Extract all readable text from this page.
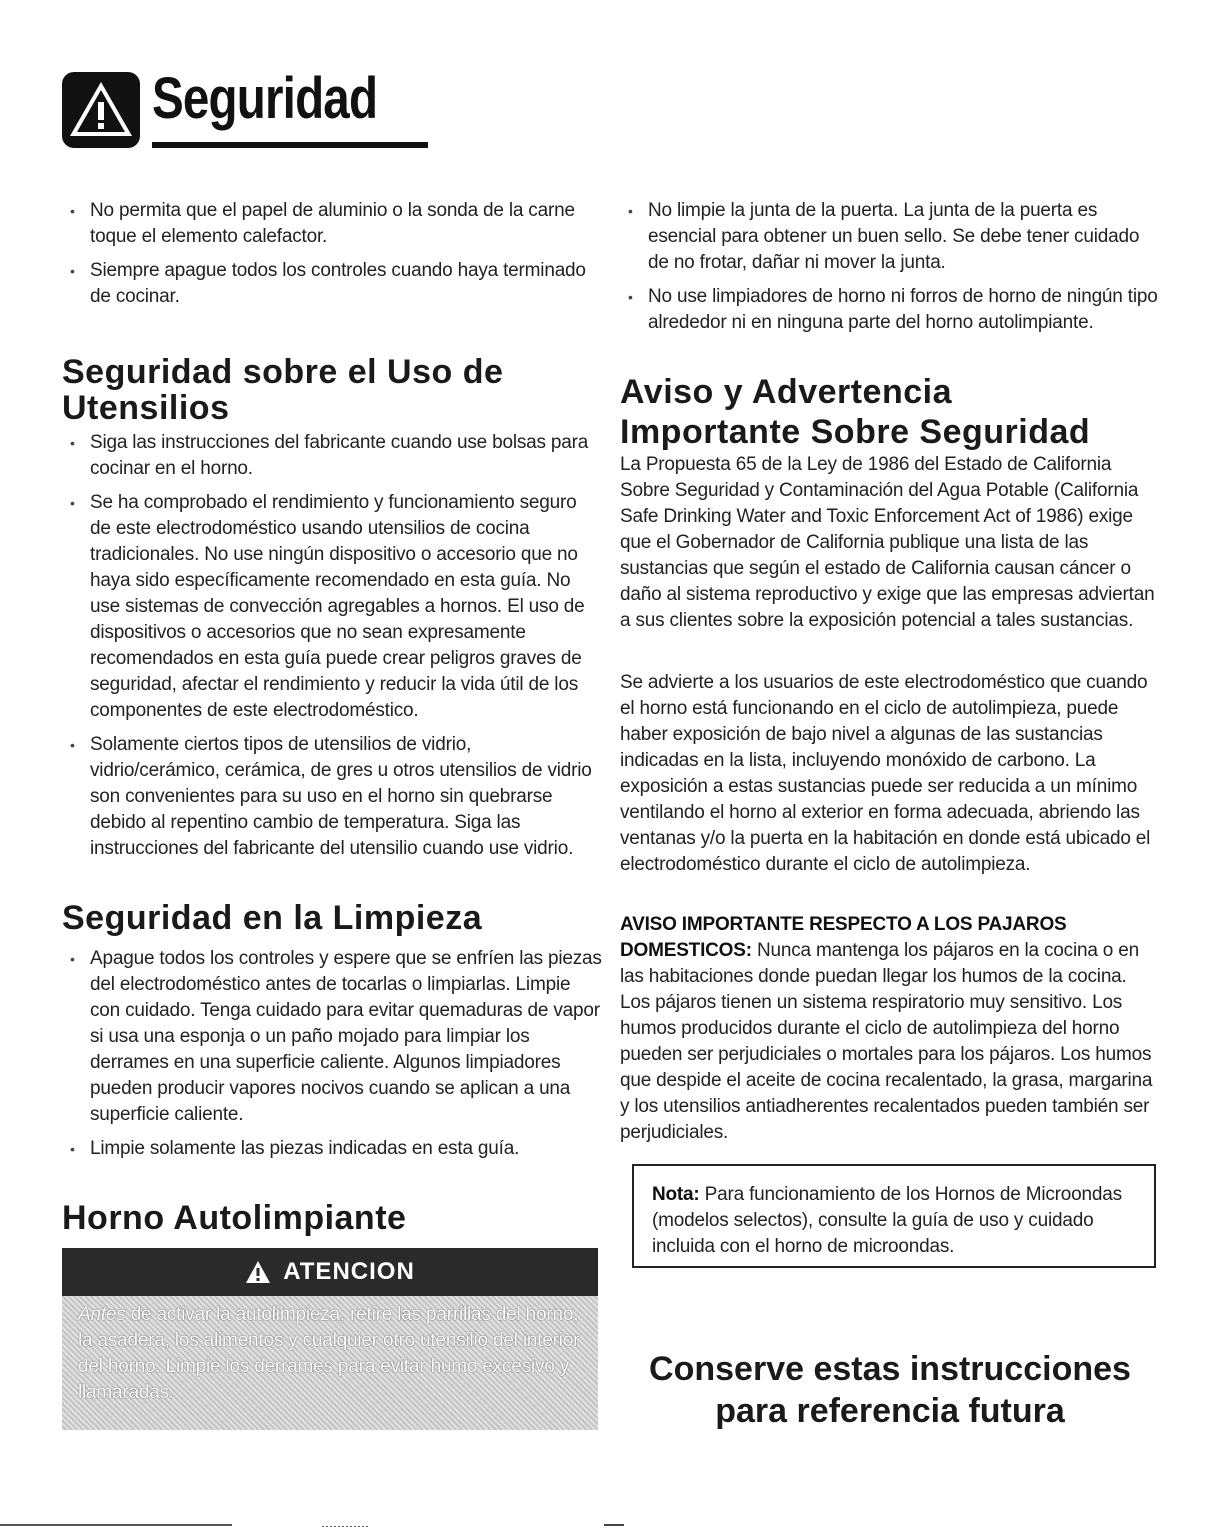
Seguridad
• No permita que el papel de aluminio o la sonda de la carne toque el elemento calefactor.
• Siempre apague todos los controles cuando haya terminado de cocinar.
Seguridad sobre el Uso de Utensilios
• Siga las instrucciones del fabricante cuando use bolsas para cocinar en el horno.
• Se ha comprobado el rendimiento y funcionamiento seguro de este electrodoméstico usando utensilios de cocina tradicionales. No use ningún dispositivo o accesorio que no haya sido específicamente recomendado en esta guía. No use sistemas de convección agregables a hornos. El uso de dispositivos o accesorios que no sean expresamente recomendados en esta guía puede crear peligros graves de seguridad, afectar el rendimiento y reducir la vida útil de los componentes de este electrodoméstico.
• Solamente ciertos tipos de utensilios de vidrio, vidrio/cerámico, cerámica, de gres u otros utensilios de vidrio son convenientes para su uso en el horno sin quebrarse debido al repentino cambio de temperatura. Siga las instrucciones del fabricante del utensilio cuando use vidrio.
Seguridad en la Limpieza
• Apague todos los controles y espere que se enfríen las piezas del electrodoméstico antes de tocarlas o limpiarlas. Limpie con cuidado. Tenga cuidado para evitar quemaduras de vapor si usa una esponja o un paño mojado para limpiar los derrames en una superficie caliente. Algunos limpiadores pueden producir vapores nocivos cuando se aplican a una superficie caliente.
• Limpie solamente las piezas indicadas en esta guía.
Horno Autolimpiante
ATENCION
Antes de activar la autolimpieza, retire las parrillas del horno, la asadera, los alimentos y cualquier otro utensilio del interior del horno. Limpie los derrames para evitar humo excesivo y llamaradas.
• No limpie la junta de la puerta. La junta de la puerta es esencial para obtener un buen sello. Se debe tener cuidado de no frotar, dañar ni mover la junta.
• No use limpiadores de horno ni forros de horno de ningún tipo alrededor ni en ninguna parte del horno autolimpiante.
Aviso y Advertencia Importante Sobre Seguridad

La Propuesta 65 de la Ley de 1986 del Estado de California Sobre Seguridad y Contaminación del Agua Potable (California Safe Drinking Water and Toxic Enforcement Act of 1986) exige que el Gobernador de California publique una lista de las sustancias que según el estado de California causan cáncer o daño al sistema reproductivo y exige que las empresas adviertan a sus clientes sobre la exposición potencial a tales sustancias.

Se advierte a los usuarios de este electrodoméstico que cuando el horno está funcionando en el ciclo de autolimpieza, puede haber exposición de bajo nivel a algunas de las sustancias indicadas en la lista, incluyendo monóxido de carbono. La exposición a estas sustancias puede ser reducida a un mínimo ventilando el horno al exterior en forma adecuada, abriendo las ventanas y/o la puerta en la habitación en donde está ubicado el electrodoméstico durante el ciclo de autolimpieza.

AVISO IMPORTANTE RESPECTO A LOS PAJAROS DOMESTICOS: Nunca mantenga los pájaros en la cocina o en las habitaciones donde puedan llegar los humos de la cocina. Los pájaros tienen un sistema respiratorio muy sensitivo. Los humos producidos durante el ciclo de autolimpieza del horno pueden ser perjudiciales o mortales para los pájaros. Los humos que despide el aceite de cocina recalentado, la grasa, margarina y los utensilios antiadherentes recalentados pueden también ser perjudiciales.

Nota: Para funcionamiento de los Hornos de Microondas (modelos selectos), consulte la guía de uso y cuidado incluida con el horno de microondas.
Conserve estas instrucciones
para referencia futura
